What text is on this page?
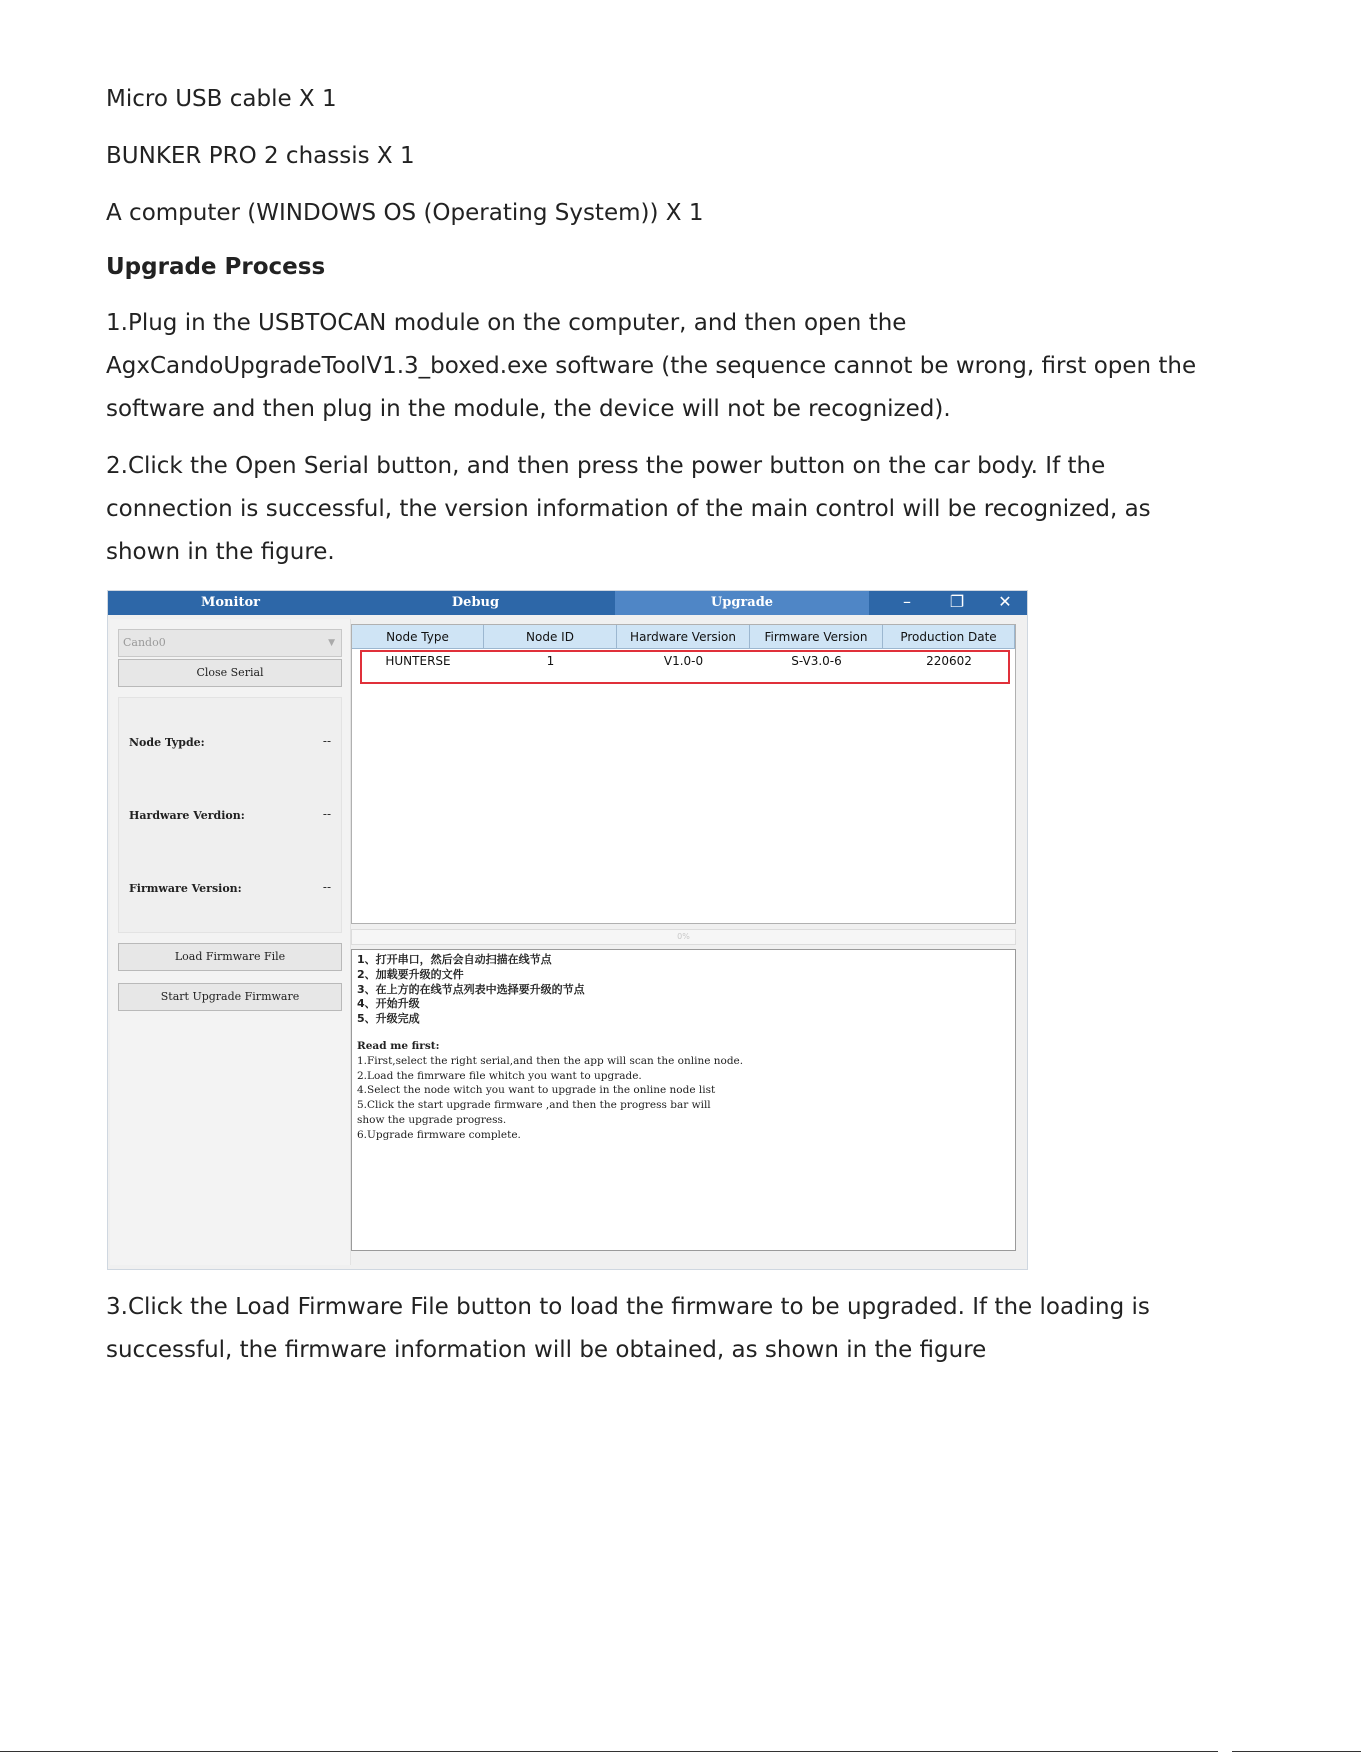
Micro USB cable X 1

BUNKER PRO 2 chassis X 1

A computer (WINDOWS OS (Operating System)) X 1

Upgrade Process

1.Plug in the USBTOCAN module on the computer, and then open the

AgxCandoUpgradeToolV1.3_boxed.exe software (the sequence cannot be wrong, first open the

software and then plug in the module, the device will not be recognized).

2.Click the Open Serial button, and then press the power button on the car body. If the

connection is successful, the version information of the main control will be recognized, as

shown in the figure.

Monitor	Debug	Upgrade	–	❐	✕
Cando0	▼
Close Serial
Node Typde:	--
Hardware Verdion:	--
Firmware Version:	--
Load Firmware File
Start Upgrade Firmware
Node Type	Node ID	Hardware Version	Firmware Version	Production Date
HUNTERSE	1	V1.0-0	S-V3.0-6	220602
0%
1、打开串口，然后会自动扫描在线节点
2、加载要升级的文件
3、在上方的在线节点列表中选择要升级的节点
4、开始升级
5、升级完成
Read me first:
1.First,select the right serial,and then the app will scan the online node.
2.Load the fimrware file whitch you want to upgrade.
4.Select the node witch you want to upgrade in the online node list
5.Click the start upgrade firmware ,and then the progress bar will
show the upgrade progress.
6.Upgrade firmware complete.

3.Click the Load Firmware File button to load the firmware to be upgraded. If the loading is

successful, the firmware information will be obtained, as shown in the figure
